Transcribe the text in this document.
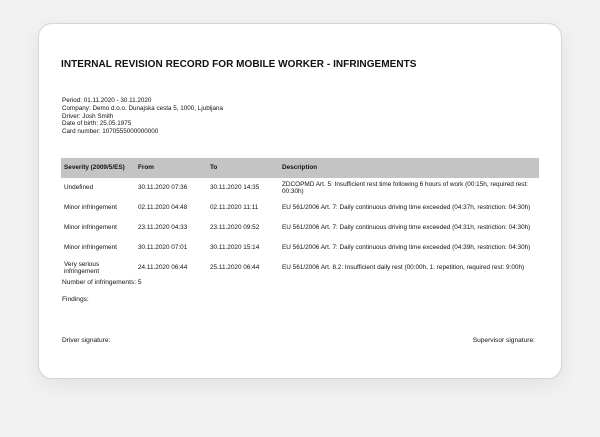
INTERNAL REVISION RECORD FOR MOBILE WORKER - INFRINGEMENTS
Period: 01.11.2020 - 30.11.2020
Company: Demo d.o.o. Dunajska cesta 5, 1000, Ljubljana
Driver: Josh Smith
Date of birth: 25.05.1975
Card number: 1070555000000000
Severity (2009/5/ES)	From	To	Description
Undefined	30.11.2020 07:36	30.11.2020 14:35	ZDCOPMD Art. 5: Insufficient rest time following 6 hours of work (00:15h, required rest: 00:30h)
Minor infringement	02.11.2020 04:48	02.11.2020 11:11	EU 561/2006 Art. 7: Daily continuous driving time exceeded (04:37h, restriction: 04:30h)
Minor infringement	23.11.2020 04:33	23.11.2020 09:52	EU 561/2006 Art. 7: Daily continuous driving time exceeded (04:31h, restriction: 04:30h)
Minor infringement	30.11.2020 07:01	30.11.2020 15:14	EU 561/2006 Art. 7: Daily continuous driving time exceeded (04:39h, restriction: 04:30h)
Very serious infringement	24.11.2020 06:44	25.11.2020 06:44	EU 561/2006 Art. 8.2: Insufficient daily rest (00:00h, 1. repetition, required rest: 9:00h)
Number of infringements: 5
Findings:
Driver signature:	Supervisor signature:
